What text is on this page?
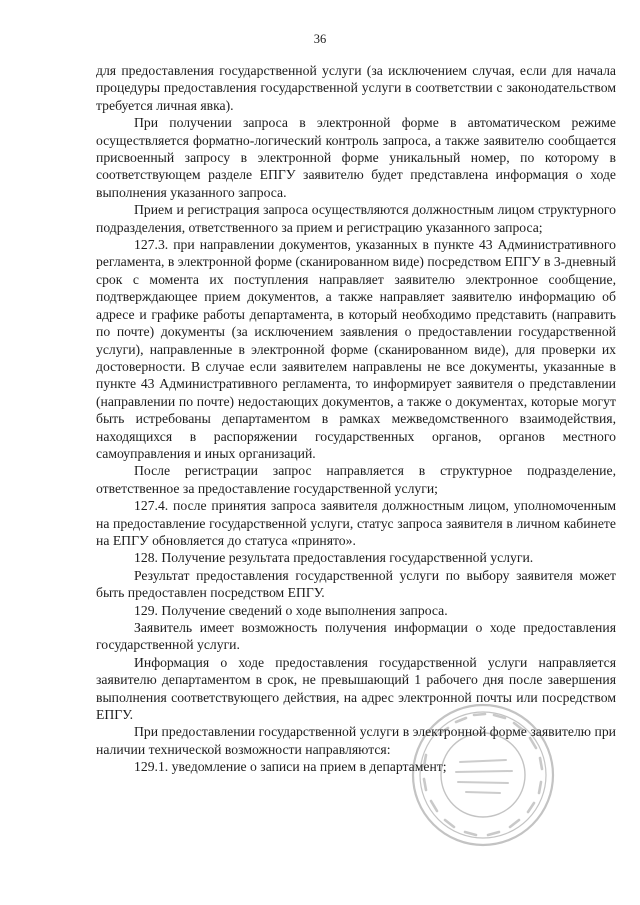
36

для предоставления государственной услуги (за исключением случая, если для начала процедуры предоставления государственной услуги в соответствии с законодательством требуется личная явка).

При получении запроса в электронной форме в автоматическом режиме осуществляется форматно-логический контроль запроса, а также заявителю сообщается присвоенный запросу в электронной форме уникальный номер, по которому в соответствующем разделе ЕПГУ заявителю будет представлена информация о ходе выполнения указанного запроса.

Прием и регистрация запроса осуществляются должностным лицом структурного подразделения, ответственного за прием и регистрацию указанного запроса;

127.3. при направлении документов, указанных в пункте 43 Административного регламента, в электронной форме (сканированном виде) посредством ЕПГУ в 3-дневный срок с момента их поступления направляет заявителю электронное сообщение, подтверждающее прием документов, а также направляет заявителю информацию об адресе и графике работы департамента, в который необходимо представить (направить по почте) документы (за исключением заявления о предоставлении государственной услуги), направленные в электронной форме (сканированном виде), для проверки их достоверности. В случае если заявителем направлены не все документы, указанные в пункте 43 Административного регламента, то информирует заявителя о представлении (направлении по почте) недостающих документов, а также о документах, которые могут быть истребованы департаментом в рамках межведомственного взаимодействия, находящихся в распоряжении государственных органов, органов местного самоуправления и иных организаций.

После регистрации запрос направляется в структурное подразделение, ответственное за предоставление государственной услуги;

127.4. после принятия запроса заявителя должностным лицом, уполномоченным на предоставление государственной услуги, статус запроса заявителя в личном кабинете на ЕПГУ обновляется до статуса «принято».

128. Получение результата предоставления государственной услуги.

Результат предоставления государственной услуги по выбору заявителя может быть предоставлен посредством ЕПГУ.

129. Получение сведений о ходе выполнения запроса.

Заявитель имеет возможность получения информации о ходе предоставления государственной услуги.

Информация о ходе предоставления государственной услуги направляется заявителю департаментом в срок, не превышающий 1 рабочего дня после завершения выполнения соответствующего действия, на адрес электронной почты или посредством ЕПГУ.

При предоставлении государственной услуги в электронной форме заявителю при наличии технической возможности направляются:

129.1. уведомление о записи на прием в департамент;
